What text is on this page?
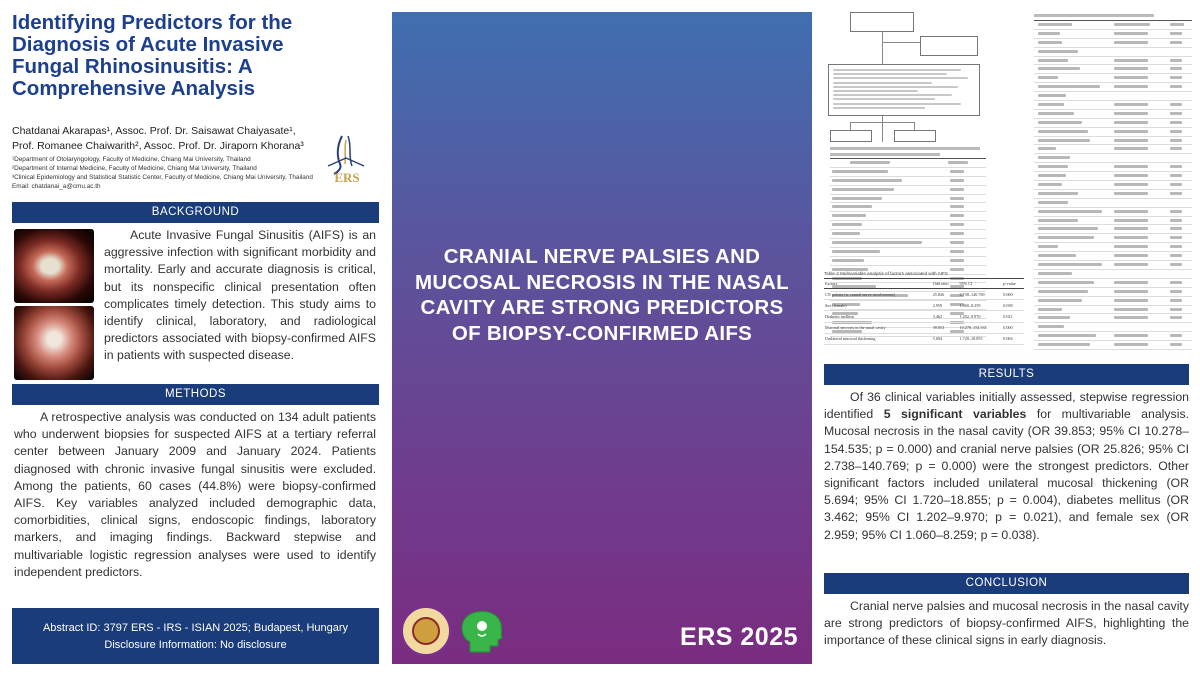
Identifying Predictors for the Diagnosis of Acute Invasive Fungal Rhinosinusitis: A Comprehensive Analysis
Chatdanai Akarapas¹, Assoc. Prof. Dr. Saisawat Chaiyasate¹,
Prof. Romanee Chaiwarith², Assoc. Prof. Dr. Jiraporn Khorana³
¹Department of Otolaryngology, Faculty of Medicine, Chiang Mai University, Thailand
²Department of Internal Medicine, Faculty of Medicine, Chiang Mai University, Thailand
³Clinical Epidemiology and Statistical Statistic Center, Faculty of Medicine, Chiang Mai University, Thailand
Email: chatdanai_a@cmu.ac.th
ERS
BACKGROUND

Acute Invasive Fungal Sinusitis (AIFS) is an aggressive infection with significant morbidity and mortality. Early and accurate diagnosis is critical, but its nonspecific clinical presentation often complicates timely detection. This study aims to identify clinical, laboratory, and radiological predictors associated with biopsy-confirmed AIFS in patients with suspected disease.

METHODS

A retrospective analysis was conducted on 134 adult patients who underwent biopsies for suspected AIFS at a tertiary referral center between January 2009 and January 2024. Patients diagnosed with chronic invasive fungal sinusitis were excluded. Among the patients, 60 cases (44.8%) were biopsy-confirmed AIFS. Key variables analyzed included demographic data, comorbidities, clinical signs, endoscopic findings, laboratory markers, and imaging findings. Backward stepwise and multivariable logistic regression analyses were used to identify independent predictors.

Abstract ID: 3797 ERS - IRS - ISIAN 2025; Budapest, Hungary
Disclosure Information: No disclosure
CRANIAL NERVE PALSIES AND MUCOSAL NECROSIS IN THE NASAL CAVITY ARE STRONG PREDICTORS OF BIOPSY-CONFIRMED AIFS
ERS 2025
Table 2 Multivariable analysis of factors associated with AIFS
Factors	Odd ratio	95% CI	p-value
CN palsies (n, cranial nerve involvement)	25.826	2.738–140.769	0.000
Sex (female)	2.959	1.060–8.259	0.038
Diabetes mellitus	3.462	1.202–9.970	0.021
Mucosal necrosis in the nasal cavity	39.853	10.278–154.535	0.000
Unilateral mucosal thickening	5.694	1.720–18.855	0.004
RESULTS

Of 36 clinical variables initially assessed, stepwise regression identified 5 significant variables for multivariable analysis. Mucosal necrosis in the nasal cavity (OR 39.853; 95% CI 10.278–154.535; p = 0.000) and cranial nerve palsies (OR 25.826; 95% CI 2.738–140.769; p = 0.000) were the strongest predictors. Other significant factors included unilateral mucosal thickening (OR 5.694; 95% CI 1.720–18.855; p = 0.004), diabetes mellitus (OR 3.462; 95% CI 1.202–9.970; p = 0.021), and female sex (OR 2.959; 95% CI 1.060–8.259; p = 0.038).

CONCLUSION

Cranial nerve palsies and mucosal necrosis in the nasal cavity are strong predictors of biopsy-confirmed AIFS, highlighting the importance of these clinical signs in early diagnosis.
